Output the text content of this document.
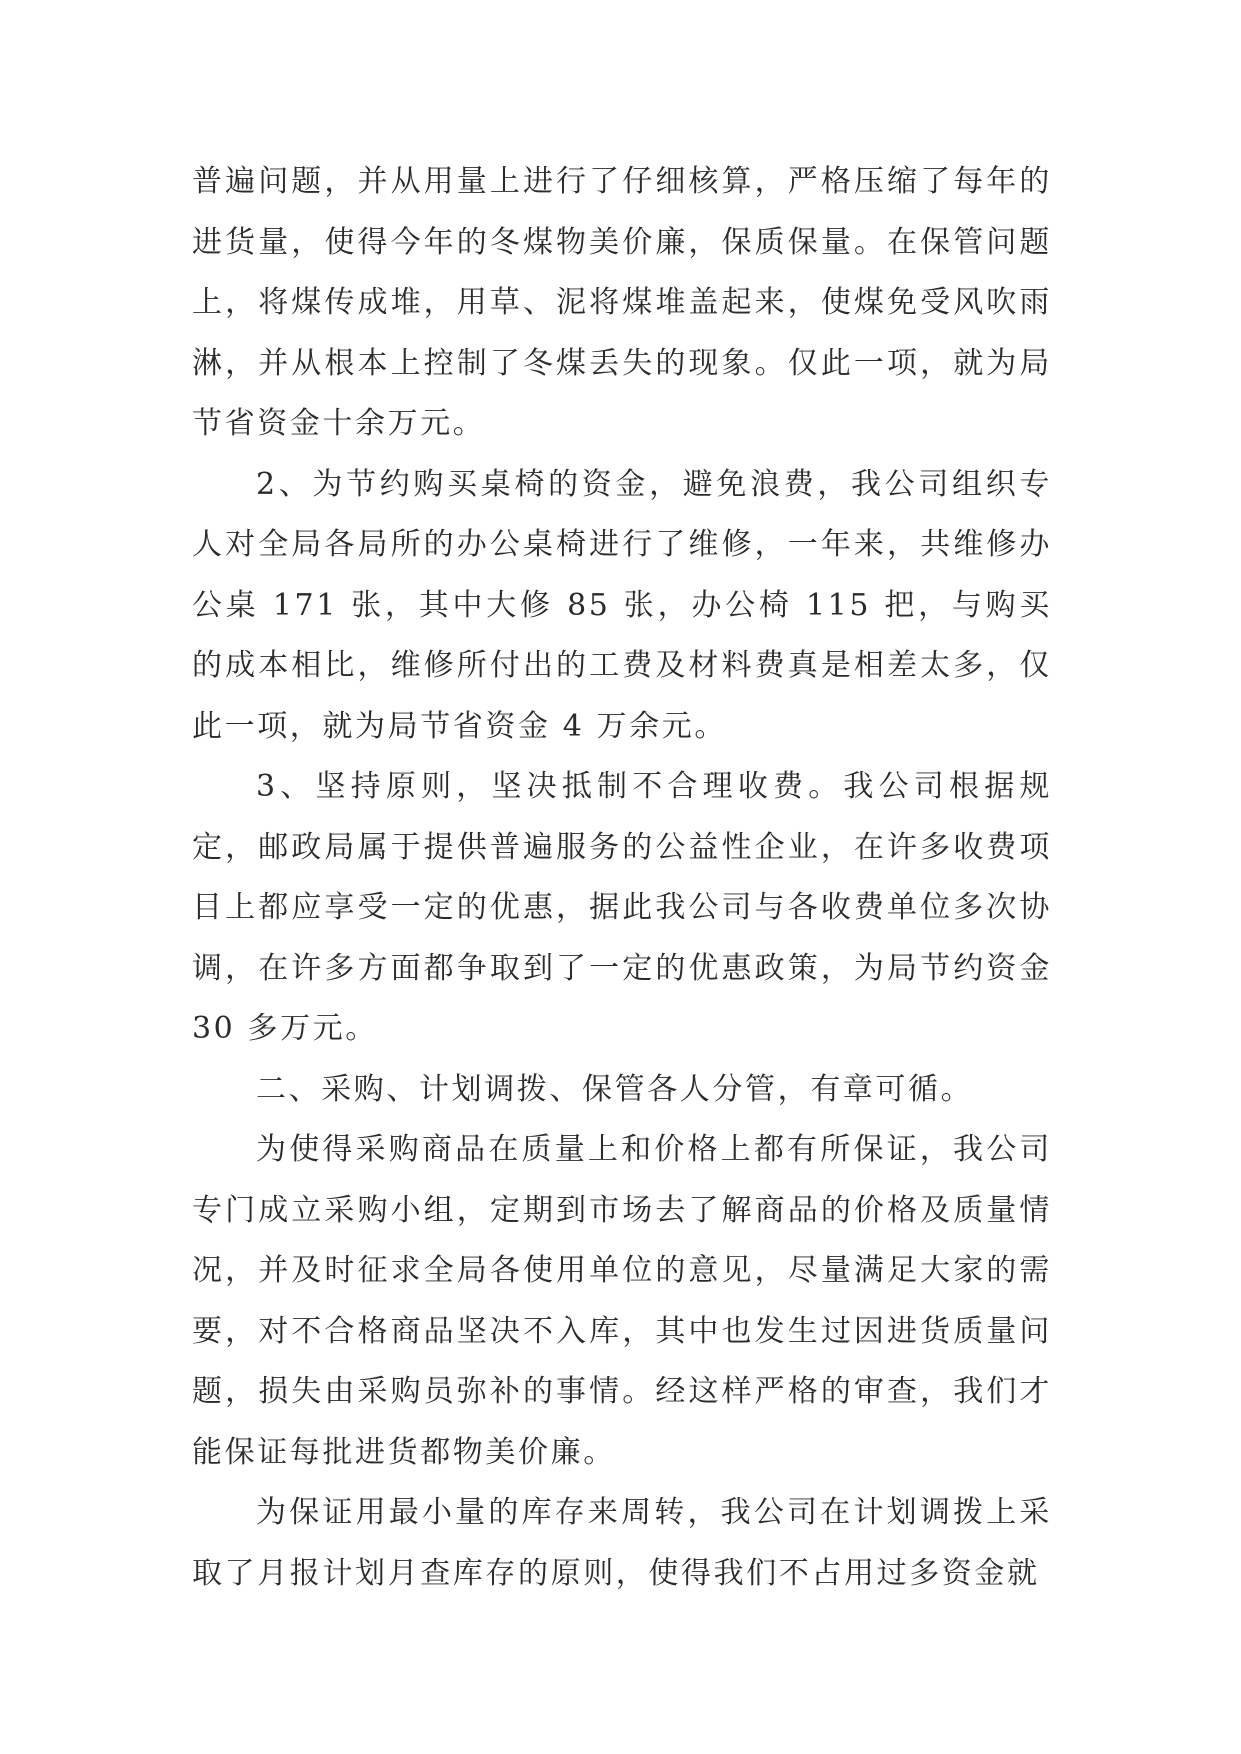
普遍问题，并从用量上进行了仔细核算，严格压缩了每年的进货量，使得今年的冬煤物美价廉，保质保量。在保管问题上，将煤传成堆，用草、泥将煤堆盖起来，使煤免受风吹雨淋，并从根本上控制了冬煤丢失的现象。仅此一项，就为局节省资金十余万元。

2、为节约购买桌椅的资金，避免浪费，我公司组织专人对全局各局所的办公桌椅进行了维修，一年来，共维修办公桌 171 张，其中大修 85 张，办公椅 115 把，与购买的成本相比，维修所付出的工费及材料费真是相差太多，仅此一项，就为局节省资金 4 万余元。

3、坚持原则，坚决抵制不合理收费。我公司根据规定，邮政局属于提供普遍服务的公益性企业，在许多收费项目上都应享受一定的优惠，据此我公司与各收费单位多次协调，在许多方面都争取到了一定的优惠政策，为局节约资金 30 多万元。

二、采购、计划调拨、保管各人分管，有章可循。

为使得采购商品在质量上和价格上都有所保证，我公司专门成立采购小组，定期到市场去了解商品的价格及质量情况，并及时征求全局各使用单位的意见，尽量满足大家的需要，对不合格商品坚决不入库，其中也发生过因进货质量问题，损失由采购员弥补的事情。经这样严格的审查，我们才能保证每批进货都物美价廉。

为保证用最小量的库存来周转，我公司在计划调拨上采取了月报计划月查库存的原则，使得我们不占用过多资金就
